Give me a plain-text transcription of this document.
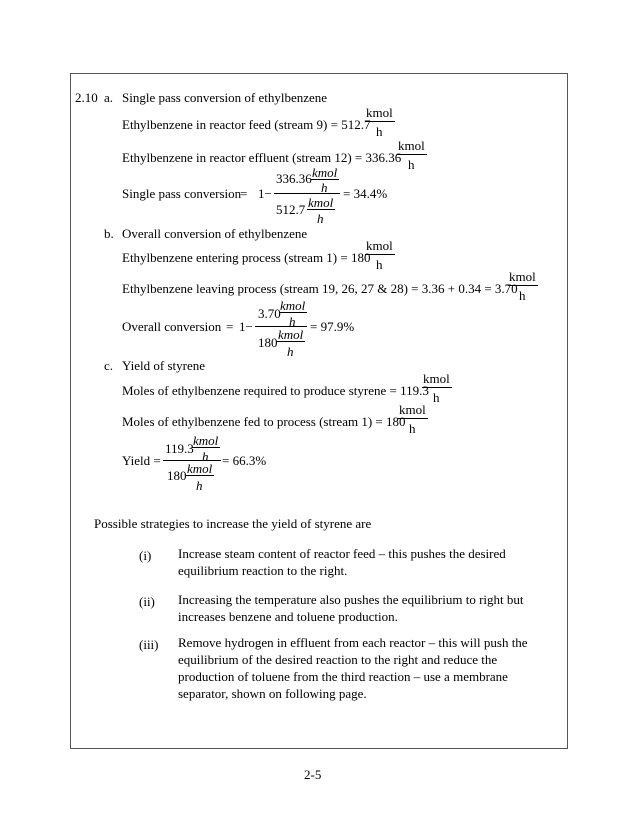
2.10 a. Single pass conversion of ethylbenzene
Ethylbenzene in reactor feed (stream 9) = 512.7
kmol
h
Ethylbenzene in reactor effluent (stream 12) = 336.36
kmol
h
Single pass conversion
= 1−
336.36 kmol
h
512.7 kmol
h
= 34.4%
b. Overall conversion of ethylbenzene
Ethylbenzene entering process (stream 1) = 180
kmol
h
Ethylbenzene leaving process (stream 19, 26, 27 & 28) = 3.36 + 0.34 = 3.70
kmol
h
Overall conversion = 1−
3.70
kmol
h
180
kmol
h
= 97.9%
c. Yield of styrene
Moles of ethylbenzene required to produce styrene = 119.3
kmol
h
Moles of ethylbenzene fed to process (stream 1) = 180
kmol
h
Yield =
119.3
kmol
h
180 kmol
h
= 66.3%
Possible strategies to increase the yield of styrene are
(i) Increase steam content of reactor feed – this pushes the desired equilibrium reaction to the right.
(ii) Increasing the temperature also pushes the equilibrium to right but increases benzene and toluene production.
(iii) Remove hydrogen in effluent from each reactor – this will push the equilibrium of the desired reaction to the right and reduce the production of toluene from the third reaction – use a membrane separator, shown on following page.
2-5
